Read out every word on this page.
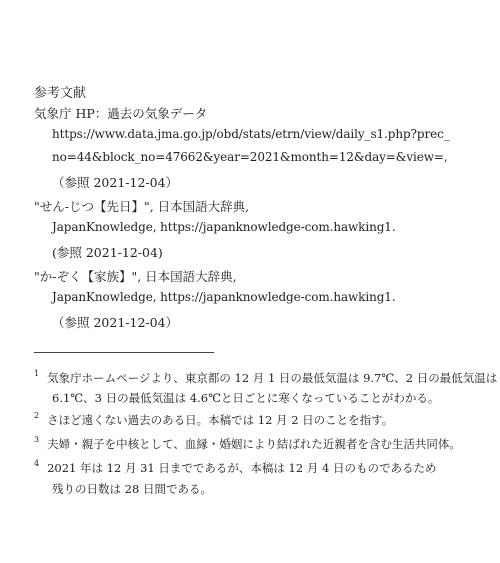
参考文献
気象庁 HP：過去の気象データ
https://www.data.jma.go.jp/obd/stats/etrn/view/daily_s1.php?prec_
no=44&block_no=47662&year=2021&month=12&day=&view=,
（参照 2021-12-04）
"せん‐じつ【先日】", 日本国語大辞典,
JapanKnowledge, https://japanknowledge-com.hawking1.
(参照 2021-12-04)
"か‐ぞく【家族】", 日本国語大辞典,
JapanKnowledge, https://japanknowledge-com.hawking1.
（参照 2021-12-04）
$^1$ 気象庁ホームページより、東京都の 12 月 1 日の最低気温は 9.7℃、2 日の最低気温は
6.1℃、3 日の最低気温は 4.6℃と日ごとに寒くなっていることがわかる。
$^2$ さほど遠くない過去のある日。本稿では 12 月 2 日のことを指す。
$^3$ 夫婦・親子を中核として、血縁・婚姻により結ばれた近親者を含む生活共同体。
$^4$ 2021 年は 12 月 31 日までであるが、本稿は 12 月 4 日のものであるため
残りの日数は 28 日間である。
